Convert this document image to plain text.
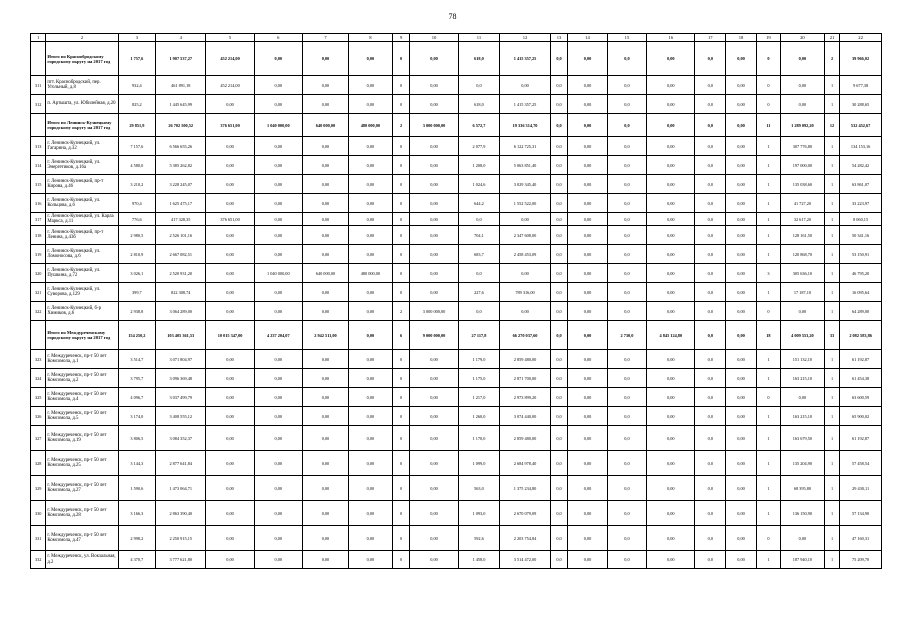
78
1	2	3	4	5	6	7	8	9	10	11	12	13	14	15	16	17	18	19	20	21	22
	Итого по Краснобродскому городскому округу на 2017 год	1 757,6	1 907 537,27	452 214,00	0,00	0,00	0,00	0	0,00	618,0	1 415 357,25	0,0	0,00	0,0	0,00	0,0	0,00	0	0,00	2	39 966,02
311	пгт. Краснобродский, пер. Угольный, д.8	932,4	461 891,18	452 214,00	0,00	0,00	0,00	0	0,00	0,0	0,00	0,0	0,00	0,0	0,00	0,0	0,00	0	0,00	1	9 677,38
312	п. Артышта, ул. Юбилейная, д.20	825,2	1 445 645,99	0,00	0,00	0,00	0,00	0	0,00	618,0	1 415 357,25	0,0	0,00	0,0	0,00	0,0	0,00	0	0,00	1	30 288,65
	Итого по Ленинск-Кузнецкому городскому округу на 2017 год	29 851,9	26 702 500,52	376 651,00	1 040 000,00	640 000,00	480 000,00	2	3 000 000,00	6 572,7	19 336 314,70	0,0	0,00	0,0	0,00	0,0	0,00	11	1 289 092,20	12	532 452,67
313	г. Ленинск-Кузнецкий, ул. Гагарина, д.32	7 157,6	6 566 655,26	0,00	0,00	0,00	0,00	0	0,00	2 077,9	6 122 725,31	0,0	0,00	0,0	0,00	0,0	0,00	1	307 776,80	1	134 153,16
314	г. Ленинск-Кузнецкий, ул. Энергетиков, д.16а	4 580,0	5 385 262,82	0,00	0,00	0,00	0,00	0	0,00	1 208,0	5 063 851,40	0,0	0,00	0,0	0,00	0,0	0,00	1	197 000,00	1	54 282,42
315	г. Ленинск-Кузнецкий, пр-т Кирова, д.46	3 210,2	3 228 245,07	0,00	0,00	0,00	0,00	0	0,00	1 024,6	3 029 345,40	0,0	0,00	0,0	0,00	0,0	0,00	1	135 038,60	1	63 861,07
316	г. Ленинск-Кузнецкий, ул. Кольцова, д.6	970,4	1 625 475,17	0,00	0,00	0,00	0,00	0	0,00	644,2	1 552 522,00	0,0	0,00	0,0	0,00	0,0	0,00	1	41 727,20	1	33 223,97
317	г. Ленинск-Кузнецкий, ул. Карла Маркса, д.11	776,6	417 328,35	376 651,00	0,00	0,00	0,00	0	0,00	0,0	0,00	0,0	0,00	0,0	0,00	0,0	0,00	1	32 617,20	1	8 060,15
318	г. Ленинск-Кузнецкий, пр-т Ленина, д.43б	2 980,5	2 526 101,16	0,00	0,00	0,00	0,00	0	0,00	704,1	2 347 608,00	0,0	0,00	0,0	0,00	0,0	0,00	1	128 161,50	1	50 341,16
319	г. Ленинск-Кузнецкий, ул. Ломоносова, д.6	2 810,9	2 667 082,51	0,00	0,00	0,00	0,00	0	0,00	683,7	2 458 453,09	0,0	0,00	0,0	0,00	0,0	0,00	1	120 868,70	1	53 150,91
320	г. Ленинск-Кузнецкий, ул. Пушкина, д.72	3 026,1	2 520 931,20	0,00	1 040 000,00	640 000,00	480 000,00	0	0,00	0,0	0,00	0,0	0,00	0,0	0,00	0,0	0,00	3	305 636,10	1	46 795,20
321	г. Ленинск-Кузнецкий, ул. Суворова, д.129	399,7	822 308,74	0,00	0,00	0,00	0,00	0	0,00	227,6	789 316,00	0,0	0,00	0,0	0,00	0,0	0,00	1	17 187,10	1	16 095,64
322	г. Ленинск-Кузнецкий, б-р Химиков, д.6	2 938,8	3 064 289,00	0,00	0,00	0,00	0,00	2	3 000 000,00	0,0	0,00	0,0	0,00	0,0	0,00	0,0	0,00	0	0,00	1	64 289,00
	Итого по Междуреченскому городскому округу на 2017 год	154 250,2	103 405 361,53	10 015 347,00	4 237 204,07	2 942 511,00	0,00	6	9 000 000,00	27 117,8	66 270 037,60	0,0	0,00	2 730,0	4 845 124,80	0,0	0,00	18	4 009 553,20	33	2 082 583,86
323	г. Междуреченск, пр-т 50 лет Комсомола, д.1	3 514,7	3 071 804,97	0,00	0,00	0,00	0,00	0	0,00	1 179,0	2 859 480,00	0,0	0,00	0,0	0,00	0,0	0,00	1	151 132,10	1	61 192,87
324	г. Междуреченск, пр-т 50 лет Комсомола, д.2	3 795,7	3 096 369,48	0,00	0,00	0,00	0,00	0	0,00	1 175,0	2 871 700,00	0,0	0,00	0,0	0,00	0,0	0,00	1	163 215,10	1	61 454,38
325	г. Междуреченск, пр-т 50 лет Комсомола, д.4	4 096,7	3 037 499,79	0,00	0,00	0,00	0,00	0	0,00	1 217,0	2 973 899,20	0,0	0,00	0,0	0,00	0,0	0,00	0	0,00	1	63 600,59
326	г. Междуреченск, пр-т 50 лет Комсомола, д.5	3 174,0	3 408 555,12	0,00	0,00	0,00	0,00	0	0,00	1 260,0	3 074 440,00	0,0	0,00	0,0	0,00	0,0	0,00	1	163 215,10	1	65 900,02
327	г. Междуреченск, пр-т 50 лет Комсомола, д.19	3 806,5	3 084 352,37	0,00	0,00	0,00	0,00	0	0,00	1 170,0	2 859 480,00	0,0	0,00	0,0	0,00	0,0	0,00	1	163 679,50	1	61 192,87
328	г. Междуреченск, пр-т 50 лет Комсомола, д.25	3 144,3	2 877 641,84	0,00	0,00	0,00	0,00	0	0,00	1 099,0	2 684 978,40	0,0	0,00	0,0	0,00	0,0	0,00	1	135 204,90	1	57 458,54
329	г. Междуреченск, пр-т 50 лет Комсомола, д.27	1 590,6	1 473 064,71	0,00	0,00	0,00	0,00	0	0,00	563,0	1 375 234,80	0,0	0,00	0,0	0,00	0,0	0,00	1	68 395,80	1	29 430,11
330	г. Междуреченск, пр-т 50 лет Комсомола, д.28	3 166,3	2 863 390,40	0,00	0,00	0,00	0,00	0	0,00	1 093,0	2 670 079,09	0,0	0,00	0,0	0,00	0,0	0,00	1	136 150,90	1	57 134,90
331	г. Междуреченск, пр-т 50 лет Комсомола, д.47	2 998,2	2 250 915,15	0,00	0,00	0,00	0,00	0	0,00	592,6	2 203 754,84	0,0	0,00	0,0	0,00	0,0	0,00	0	0,00	1	47 160,31
332	г. Междуреченск, ул. Вокзальная, д.2	4 370,7	3 777 621,80	0,00	0,00	0,00	0,00	0	0,00	1 458,0	3 514 472,00	0,0	0,00	0,0	0,00	0,0	0,00	1	187 940,10	1	75 209,70
